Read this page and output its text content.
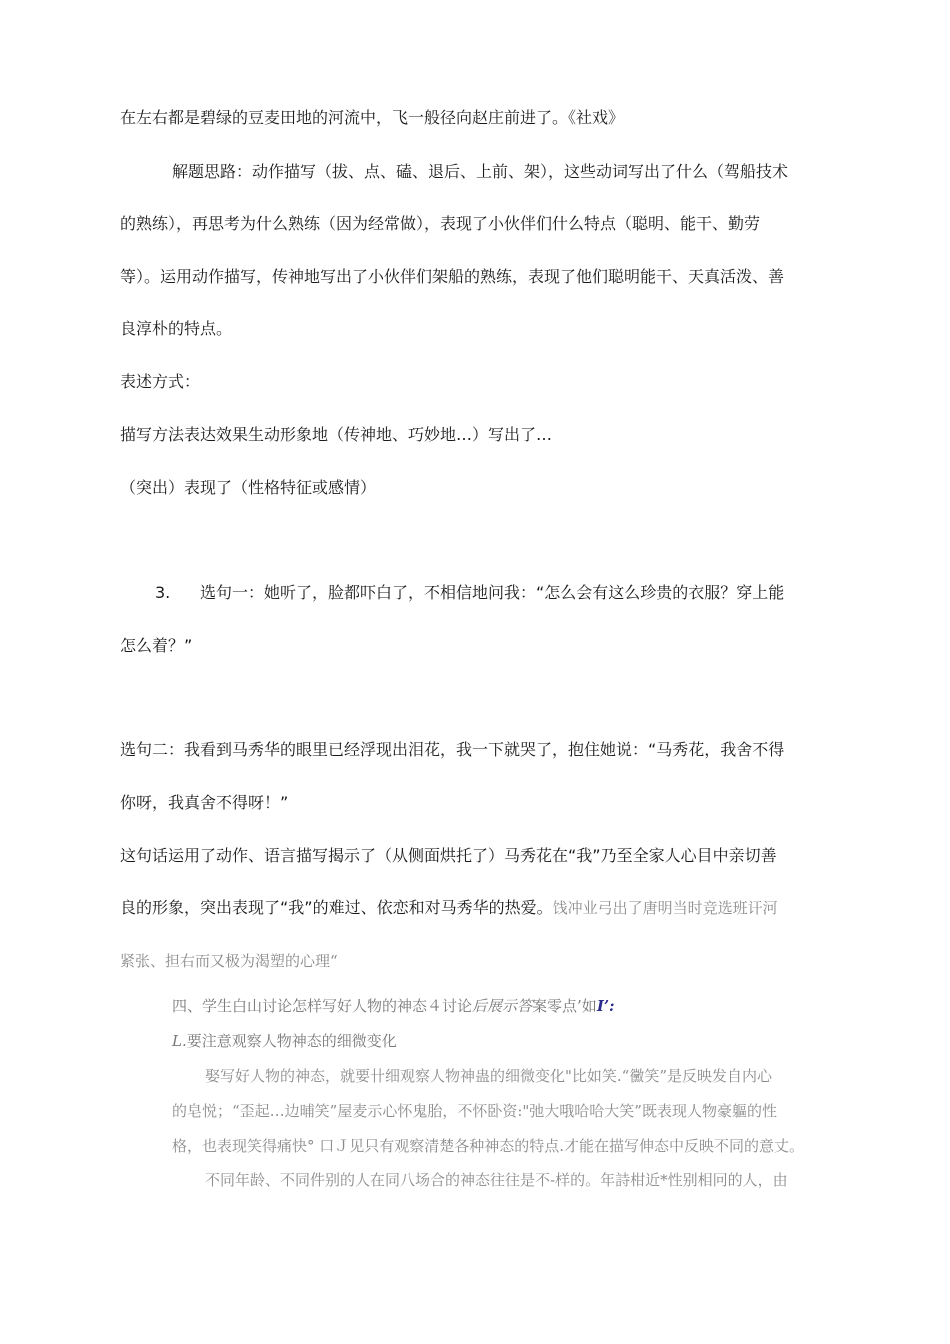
在左右都是碧绿的豆麦田地的河流中，飞一般径向赵庄前进了。《社戏》
解题思路：动作描写（拔、点、磕、退后、上前、架），这些动词写出了什么（驾船技术
的熟练），再思考为什么熟练（因为经常做），表现了小伙伴们什么特点（聪明、能干、勤劳
等）。运用动作描写，传神地写出了小伙伴们架船的熟练，表现了他们聪明能干、天真活泼、善
良淳朴的特点。
表述方式：
描写方法表达效果生动形象地（传神地、巧妙地…）写出了…
（突出）表现了（性格特征或感情）
3. 选句一：她听了，脸都吓白了，不相信地问我：“怎么会有这么珍贵的衣服？穿上能
怎么着？”
选句二：我看到马秀华的眼里已经浮现出泪花，我一下就哭了，抱住她说：“马秀花，我舍不得
你呀，我真舍不得呀！”
这句话运用了动作、语言描写揭示了（从侧面烘托了）马秀花在“我”乃至全家人心目中亲切善
良的形象，突出表现了“我”的难过、依恋和对马秀华的热爱。饯冲业弓出了唐明当时竞选班讦河
紧张、担右而又极为渴塑的心理“
四、学生白山讨论怎样写好人物的神态４讨论后展示答案零点’如I’:
L.要注意观察人物神态的细微变化
娶写好人物的神态，就要卄细观察人物神蛊的细微变化"比如笑.“黴笑”是反映发自内心
的皂悦；“歪起…边晡笑”屋麦示心怀鬼胎，不怀卧资:"弛大哦哈哈大笑”既表现人物豪軀的性
格，也表现笑得痛快° 口Ｊ见只有观察清楚各种神态的特点.才能在描写伸态中反映不同的意丈。
不同年龄、不同件别的人在同八场合的神态往往是不-样的。年詩柑近*性别相冋的人，由
